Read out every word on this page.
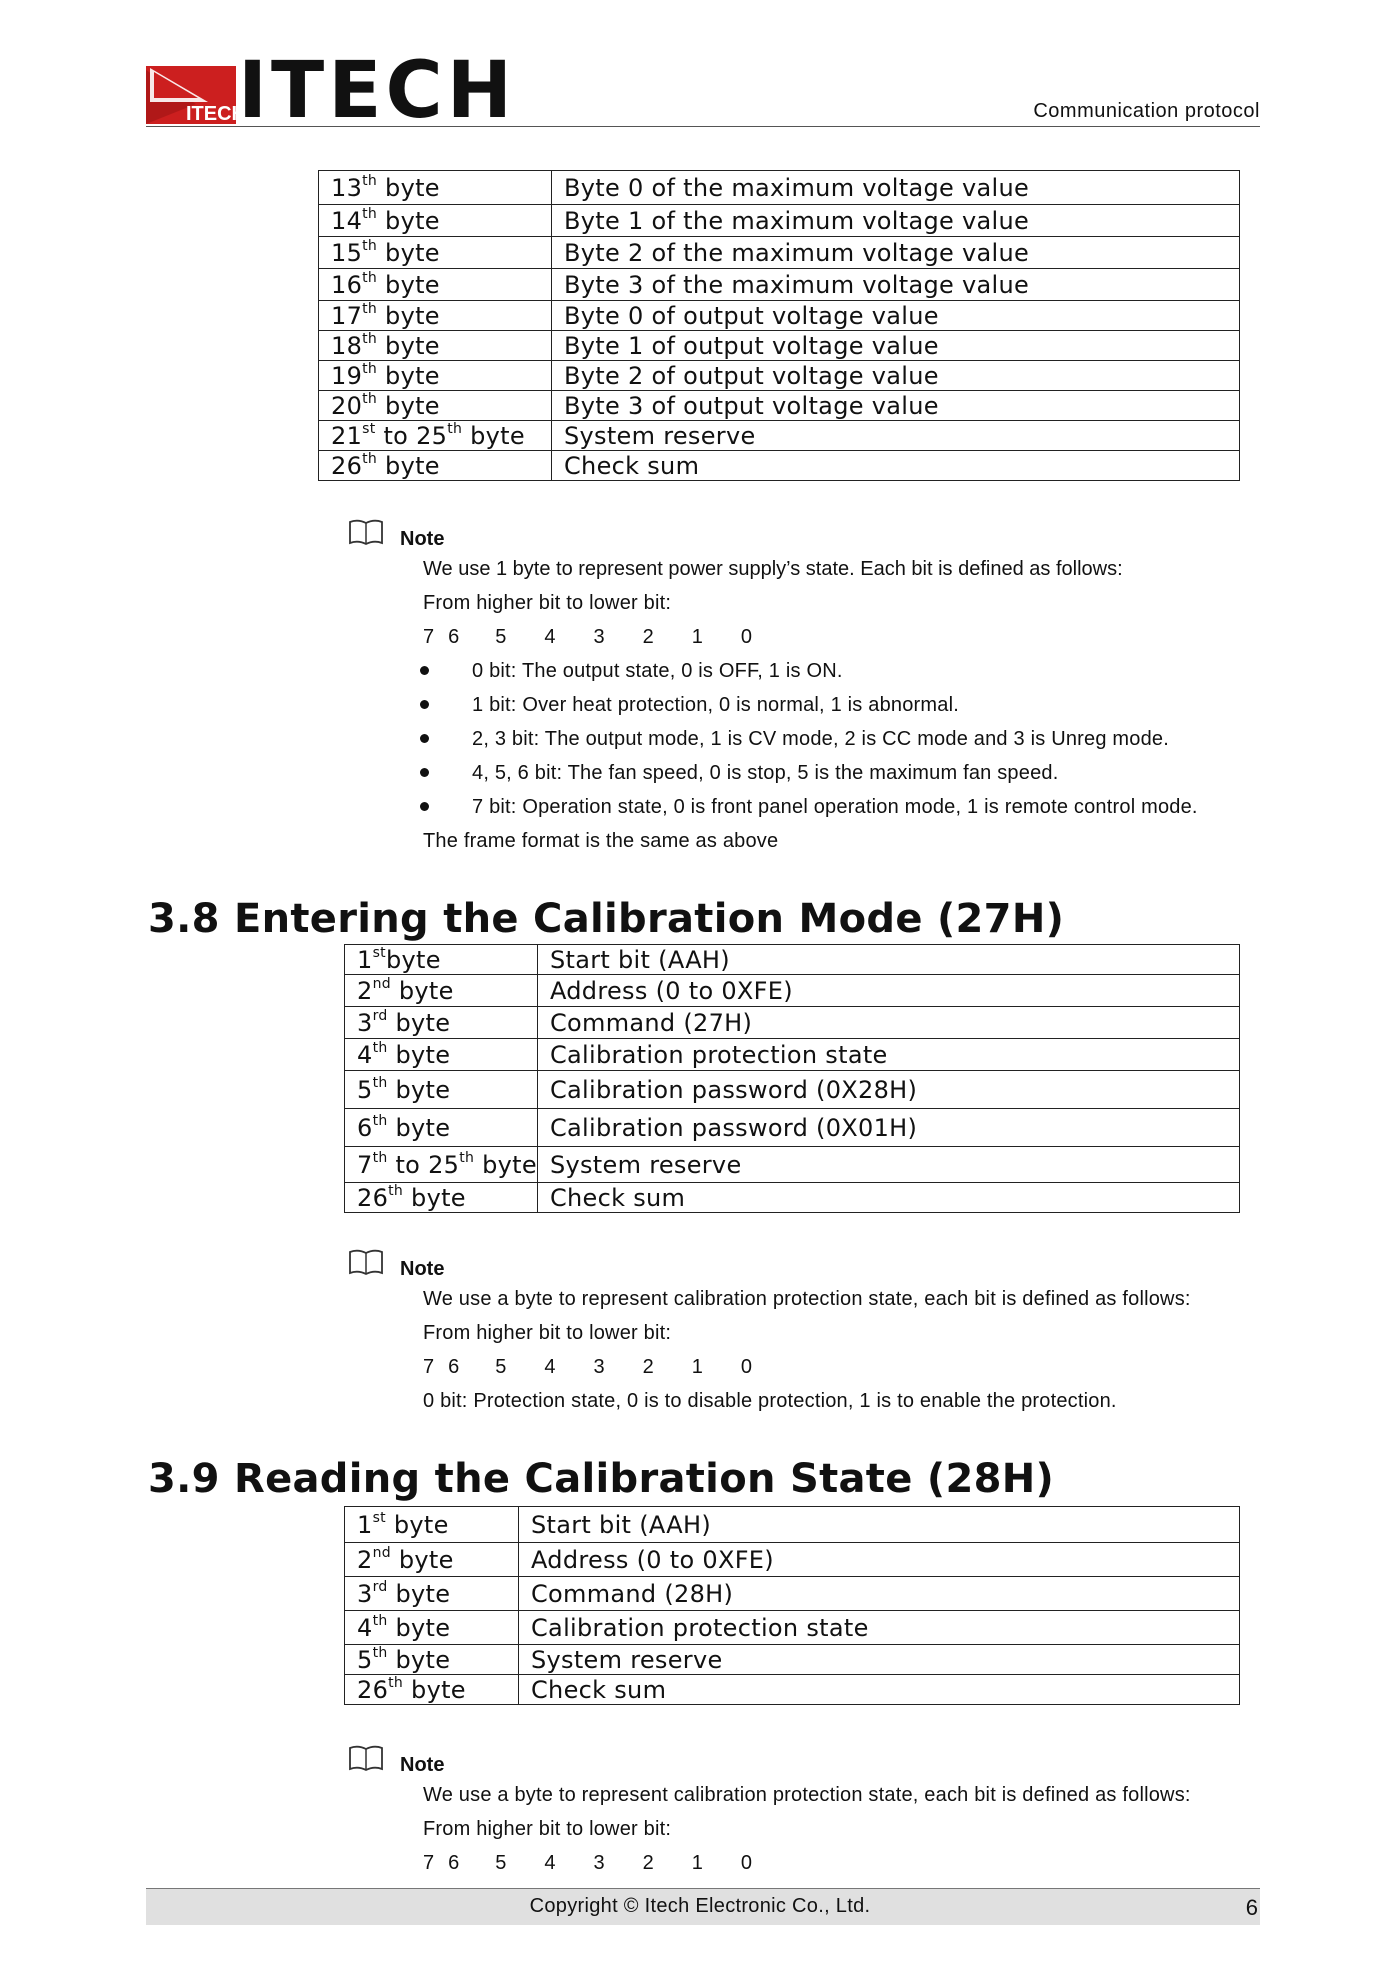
ITECH
ITECH	Communication protocol
13th byte	Byte 0 of the maximum voltage value
14th byte	Byte 1 of the maximum voltage value
15th byte	Byte 2 of the maximum voltage value
16th byte	Byte 3 of the maximum voltage value
17th byte	Byte 0 of output voltage value
18th byte	Byte 1 of output voltage value
19th byte	Byte 2 of output voltage value
20th byte	Byte 3 of output voltage value
21st to 25th byte	System reserve
26th byte	Check sum
Note
We use 1 byte to represent power supply’s state. Each bit is defined as follows:
From higher bit to lower bit:
7 6 5 4 3 2 1 0
0 bit: The output state, 0 is OFF, 1 is ON.
1 bit: Over heat protection, 0 is normal, 1 is abnormal.
2, 3 bit: The output mode, 1 is CV mode, 2 is CC mode and 3 is Unreg mode.
4, 5, 6 bit: The fan speed, 0 is stop, 5 is the maximum fan speed.
7 bit: Operation state, 0 is front panel operation mode, 1 is remote control mode.
The frame format is the same as above
3.8 Entering the Calibration Mode (27H)
1stbyte	Start bit (AAH)
2nd byte	Address (0 to 0XFE)
3rd byte	Command (27H)
4th byte	Calibration protection state
5th byte	Calibration password (0X28H)
6th byte	Calibration password (0X01H)
7th to 25th byte	System reserve
26th byte	Check sum
Note
We use a byte to represent calibration protection state, each bit is defined as follows:
From higher bit to lower bit:
7 6 5 4 3 2 1 0
0 bit: Protection state, 0 is to disable protection, 1 is to enable the protection.
3.9 Reading the Calibration State (28H)
1st byte	Start bit (AAH)
2nd byte	Address (0 to 0XFE)
3rd byte	Command (28H)
4th byte	Calibration protection state
5th byte	System reserve
26th byte	Check sum
Note
We use a byte to represent calibration protection state, each bit is defined as follows:
From higher bit to lower bit:
7 6 5 4 3 2 1 0
Copyright © Itech Electronic Co., Ltd.	6
